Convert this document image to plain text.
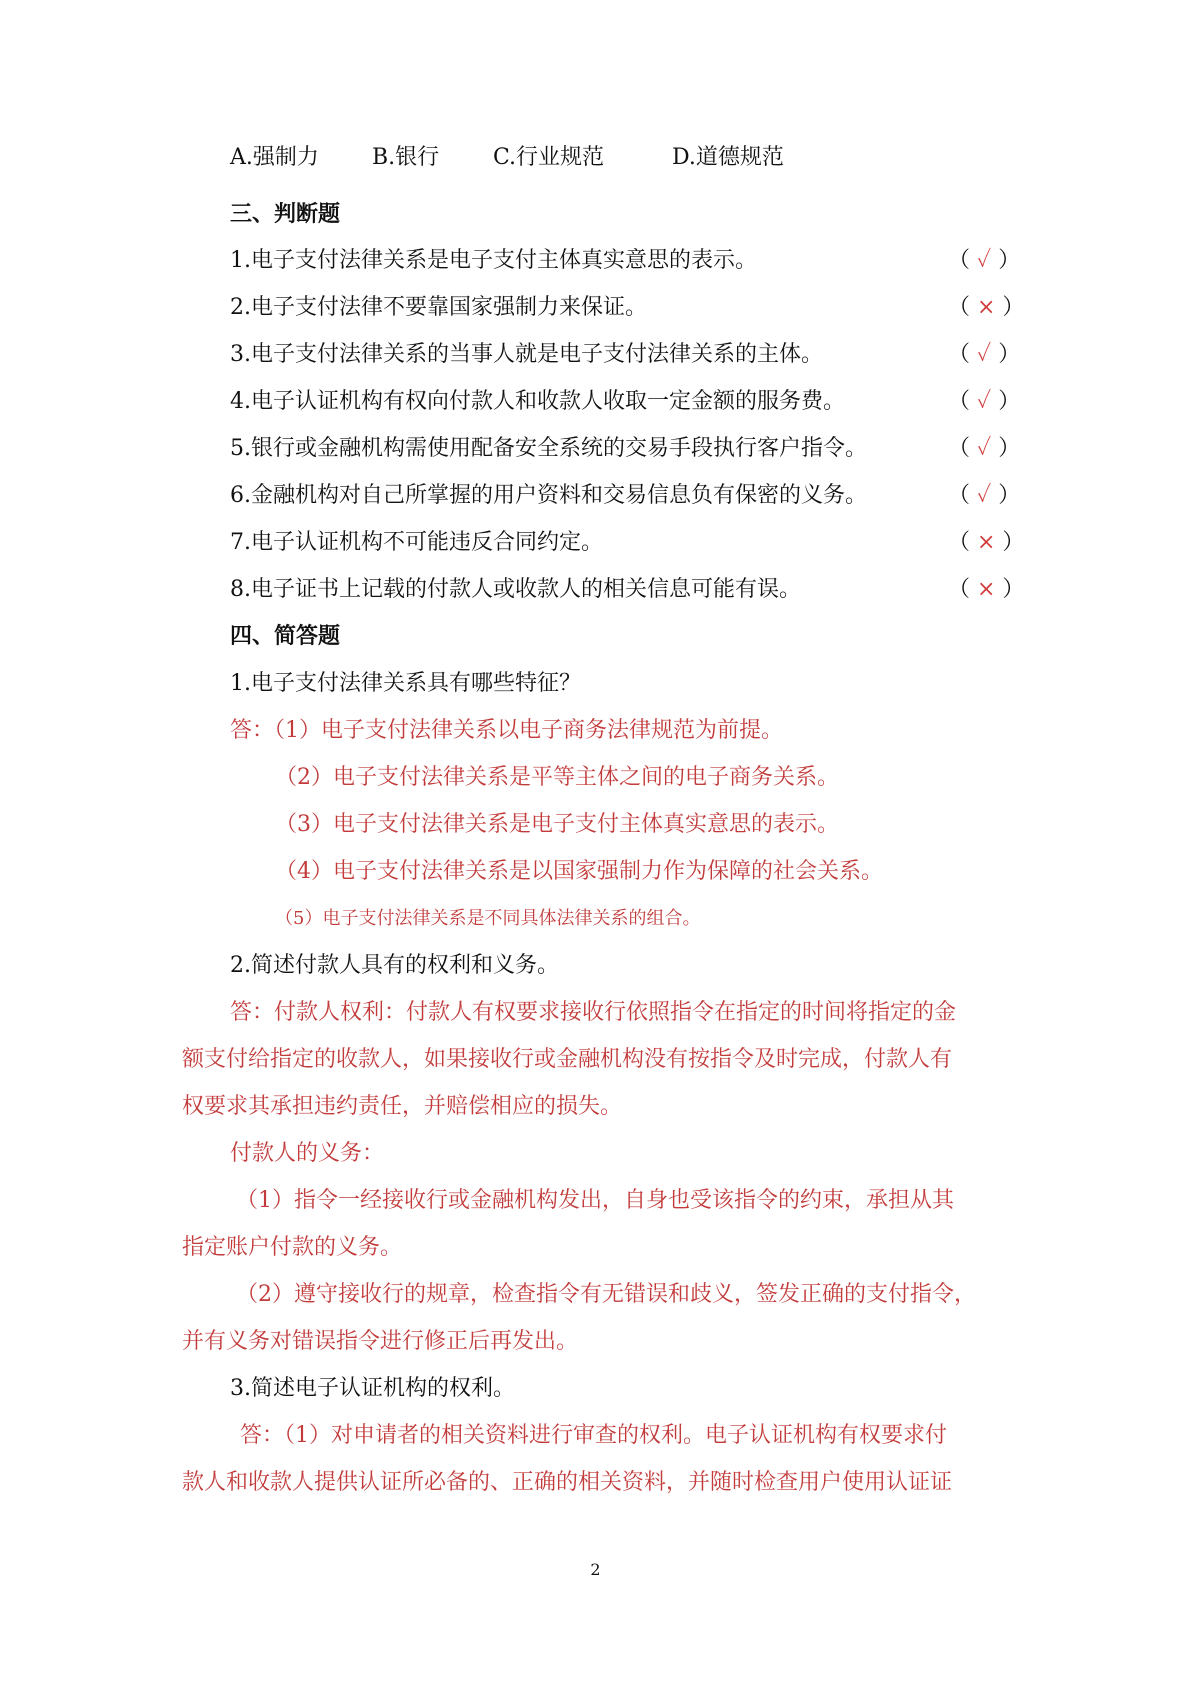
A.强制力 B.银行 C.行业规范	D.道德规范
三、判断题
1.电子支付法律关系是电子支付主体真实意思的表示。	（ ✓ ）
2.电子支付法律不要靠国家强制力来保证。	（ × ）
3.电子支付法律关系的当事人就是电子支付法律关系的主体。	（ ✓ ）
4.电子认证机构有权向付款人和收款人收取一定金额的服务费。	（ ✓ ）
5.银行或金融机构需使用配备安全系统的交易手段执行客户指令。	（ ✓ ）
6.金融机构对自己所掌握的用户资料和交易信息负有保密的义务。	（ ✓ ）
7.电子认证机构不可能违反合同约定。	（ × ）
8.电子证书上记载的付款人或收款人的相关信息可能有误。	（ × ）
四、简答题
1.电子支付法律关系具有哪些特征？
答：（1）电子支付法律关系以电子商务法律规范为前提。
（2）电子支付法律关系是平等主体之间的电子商务关系。
（3）电子支付法律关系是电子支付主体真实意思的表示。
（4）电子支付法律关系是以国家强制力作为保障的社会关系。
（5）电子支付法律关系是不同具体法律关系的组合。
2.简述付款人具有的权利和义务。
答：付款人权利：付款人有权要求接收行依照指令在指定的时间将指定的金
额支付给指定的收款人，如果接收行或金融机构没有按指令及时完成，付款人有
权要求其承担违约责任，并赔偿相应的损失。
付款人的义务：
（1）指令一经接收行或金融机构发出，自身也受该指令的约束，承担从其
指定账户付款的义务。
（2）遵守接收行的规章，检查指令有无错误和歧义，签发正确的支付指令，
并有义务对错误指令进行修正后再发出。
3.简述电子认证机构的权利。
答：（1）对申请者的相关资料进行审查的权利。电子认证机构有权要求付
款人和收款人提供认证所必备的、正确的相关资料，并随时检查用户使用认证证
2
